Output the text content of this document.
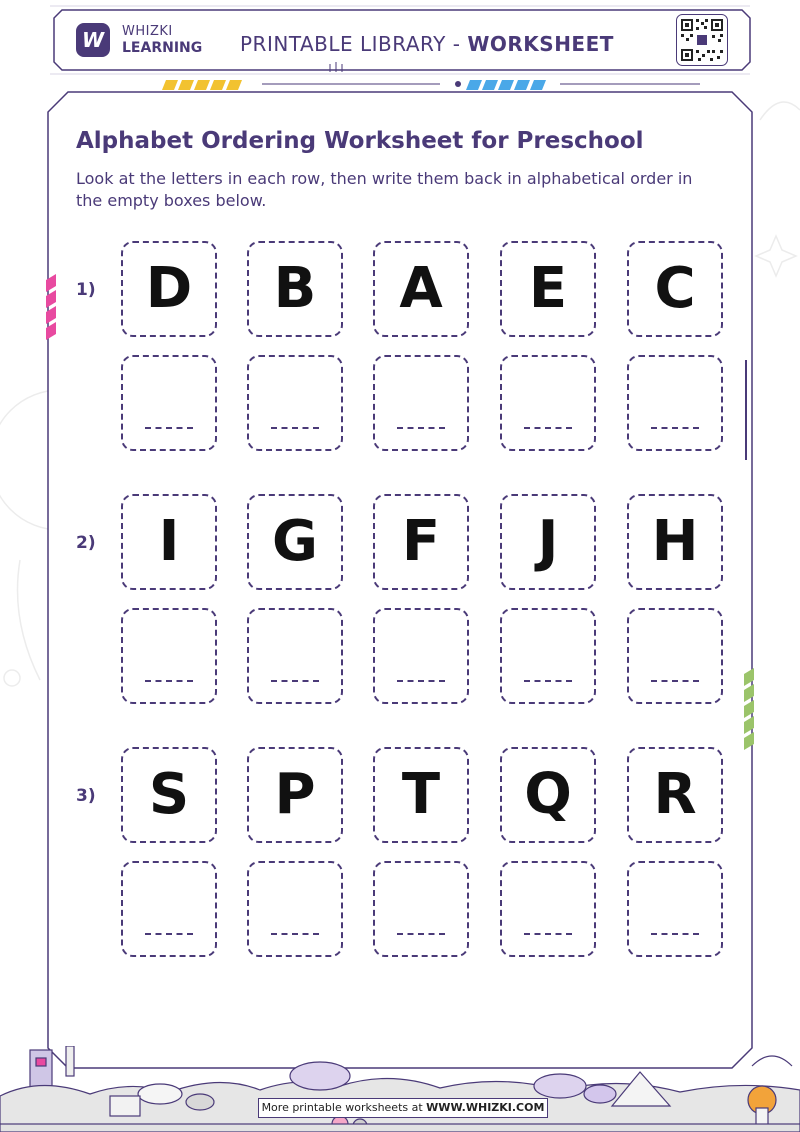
W WHIZKI
LEARNING PRINTABLE LIBRARY - WORKSHEET
Alphabet Ordering Worksheet for Preschool

Look at the letters in each row, then write them back in alphabetical order in the empty boxes below.

1) D B A E C
2) I G F J H
3) S P T Q R
More printable worksheets at WWW.WHIZKI.COM
